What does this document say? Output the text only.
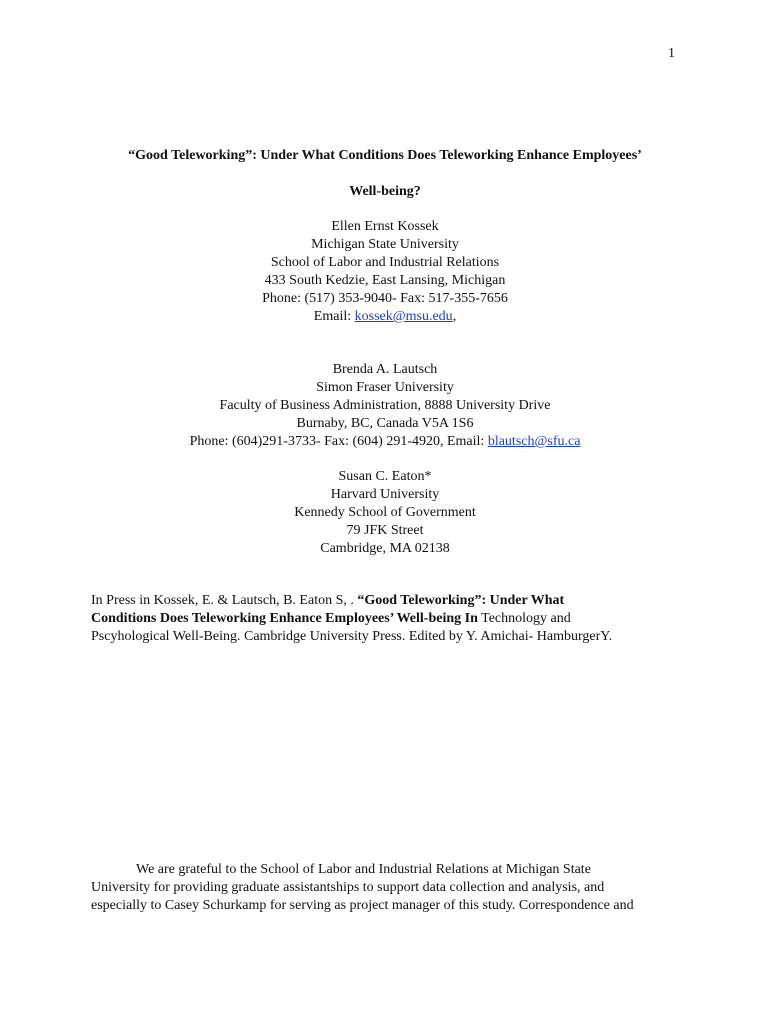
1
“Good Teleworking”: Under What Conditions Does Teleworking Enhance Employees’
Well-being?
Ellen Ernst Kossek
Michigan State University
School of Labor and Industrial Relations
433 South Kedzie, East Lansing, Michigan
Phone: (517) 353-9040- Fax: 517-355-7656
Email: kossek@msu.edu,
Brenda A. Lautsch
Simon Fraser University
Faculty of Business Administration, 8888 University Drive
Burnaby, BC, Canada V5A 1S6
Phone: (604)291-3733- Fax: (604) 291-4920, Email: blautsch@sfu.ca
Susan C. Eaton*
Harvard University
Kennedy School of Government
79 JFK Street
Cambridge, MA 02138
In Press in Kossek, E. & Lautsch, B. Eaton S, . “Good Teleworking”: Under What
Conditions Does Teleworking Enhance Employees’ Well-being In Technology and
Pscyhological Well-Being. Cambridge University Press. Edited by Y. Amichai- HamburgerY.
We are grateful to the School of Labor and Industrial Relations at Michigan State
University for providing graduate assistantships to support data collection and analysis, and
especially to Casey Schurkamp for serving as project manager of this study. Correspondence and
